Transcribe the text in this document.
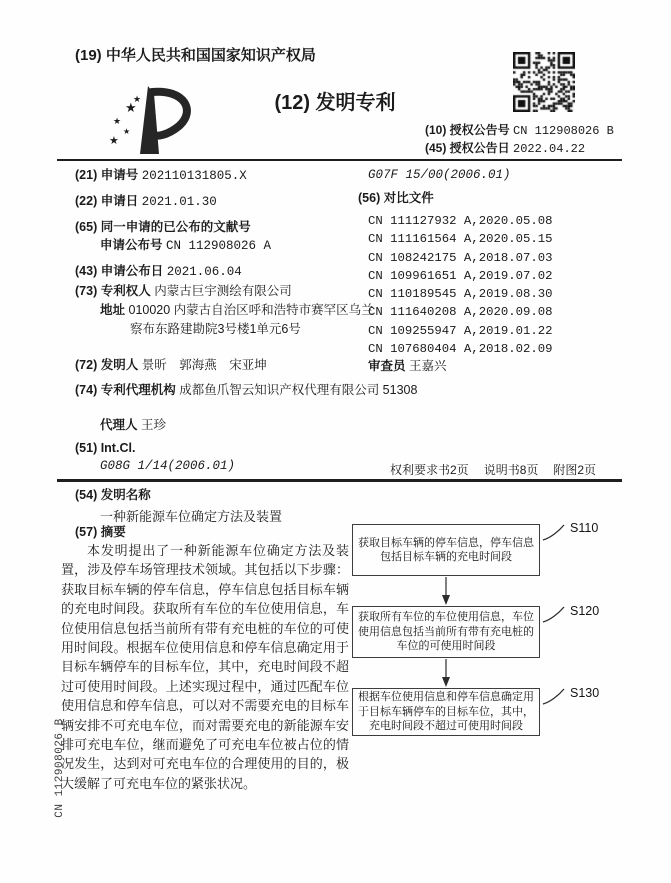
(19) 中华人民共和国国家知识产权局
★
★
★
★
★
(12) 发明专利
(10) 授权公告号 CN 112908026 B
(45) 授权公告日 2022.04.22
(21) 申请号 202110131805.X
(22) 申请日 2021.01.30
(65) 同一申请的已公布的文献号
申请公布号 CN 112908026 A
(43) 申请公布日 2021.06.04
(73) 专利权人 内蒙古巨宇测绘有限公司
地址 010020 内蒙古自治区呼和浩特市赛罕区乌兰察布东路建勘院3号楼1单元6号
(72) 发明人 景昕　郭海燕　宋亚坤
(74) 专利代理机构 成都鱼爪智云知识产权代理有限公司 51308
代理人 王珍
(51) Int.Cl.
G08G 1/14(2006.01)
G07F 15/00(2006.01)
(56) 对比文件
CN 111127932 A,2020.05.08
CN 111161564 A,2020.05.15
CN 108242175 A,2018.07.03
CN 109961651 A,2019.07.02
CN 110189545 A,2019.08.30
CN 111640208 A,2020.09.08
CN 109255947 A,2019.01.22
CN 107680404 A,2018.02.09
审查员 王嘉兴
权利要求书2页 说明书8页 附图2页
(54) 发明名称
一种新能源车位确定方法及装置
(57) 摘要
本发明提出了一种新能源车位确定方法及装置，涉及停车场管理技术领域。其包括以下步骤：获取目标车辆的停车信息，停车信息包括目标车辆的充电时间段。获取所有车位的车位使用信息，车位使用信息包括当前所有带有充电桩的车位的可使用时间段。根据车位使用信息和停车信息确定用于目标车辆停车的目标车位，其中，充电时间段不超过可使用时间段。上述实现过程中，通过匹配车位使用信息和停车信息，可以对不需要充电的目标车辆安排不可充电车位，而对需要充电的新能源车安排可充电车位，继而避免了可充电车位被占位的情况发生，达到对可充电车位的合理使用的目的，极大缓解了可充电车位的紧张状况。
获取目标车辆的停车信息，停车信息包括目标车辆的充电时间段
S110
获取所有车位的车位使用信息，车位使用信息包括当前所有带有充电桩的车位的可使用时间段
S120
根据车位使用信息和停车信息确定用于目标车辆停车的目标车位，其中，充电时间段不超过可使用时间段
S130
CN 112908026 B
